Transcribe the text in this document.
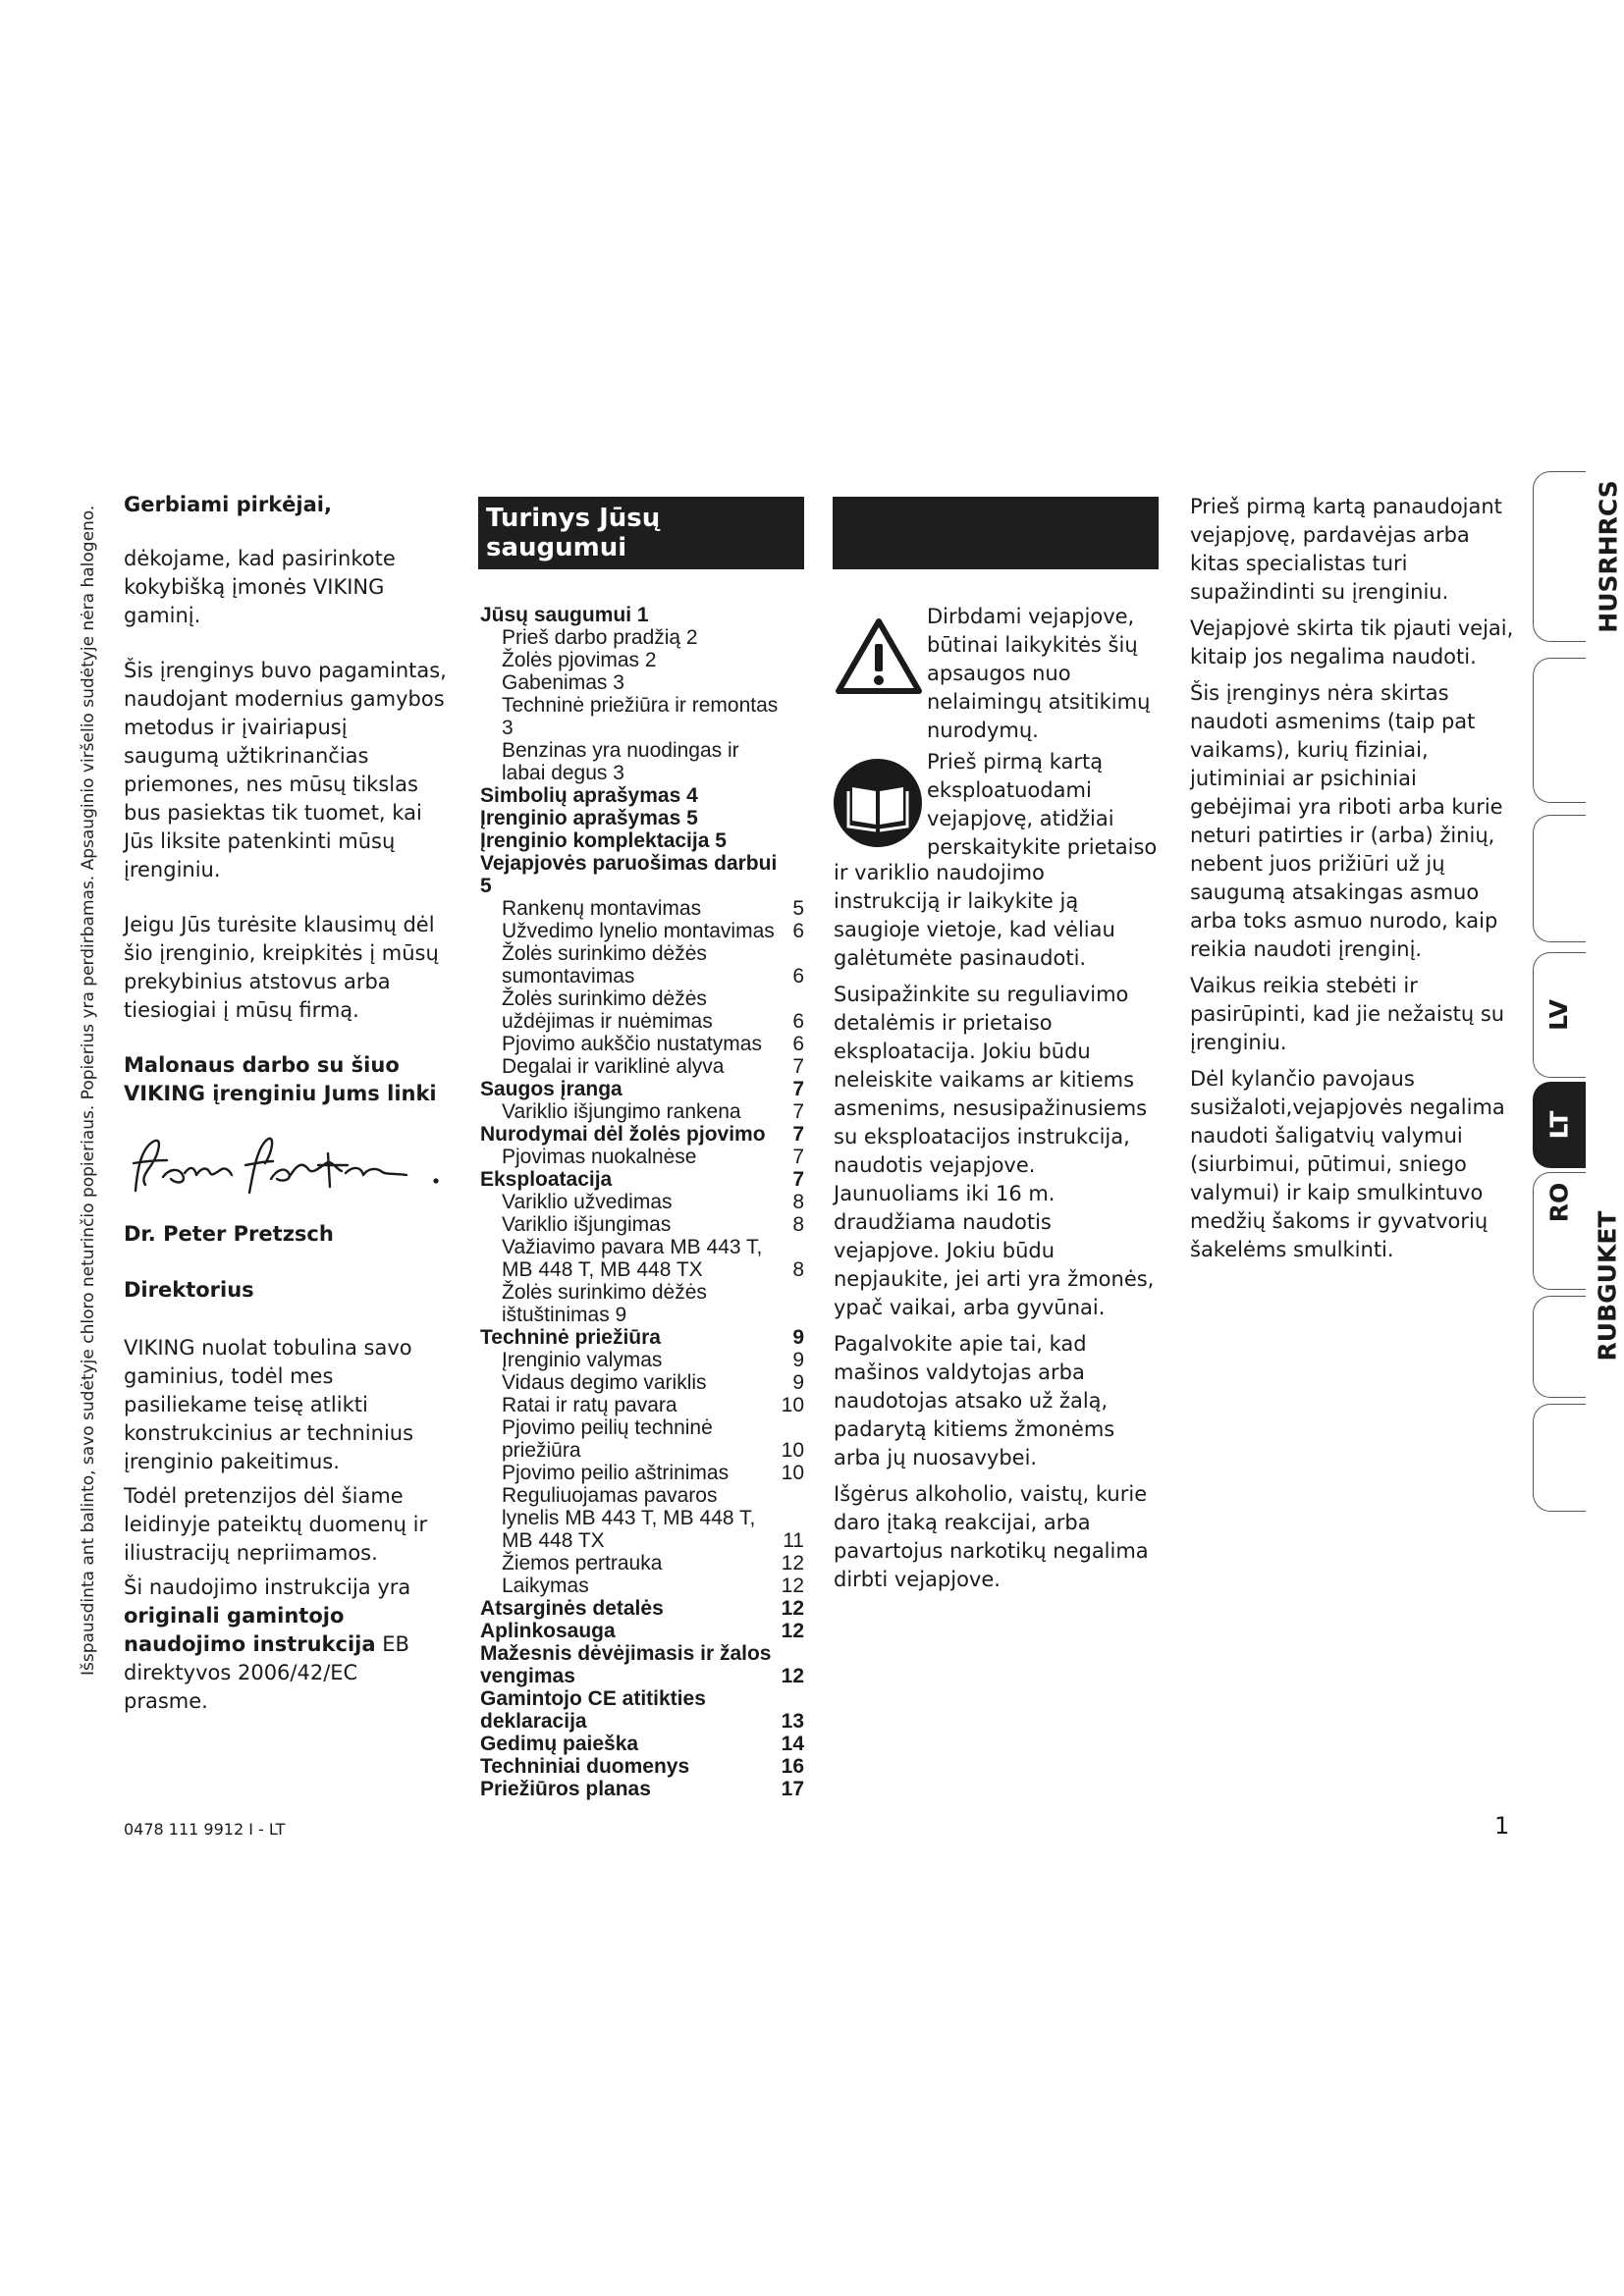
Išspausdinta ant balinto, savo sudėtyje chloro neturinčio popieriaus. Popierius yra perdirbamas. Apsauginio viršelio sudėtyje nėra halogeno.

Gerbiami pirkėjai,

dėkojame, kad pasirinkote kokybišką įmonės VIKING gaminį.

Šis įrenginys buvo pagamintas, naudojant modernius gamybos metodus ir įvairiapusį saugumą užtikrinančias priemones, nes mūsų tikslas bus pasiektas tik tuomet, kai Jūs liksite patenkinti mūsų įrenginiu.

Jeigu Jūs turėsite klausimų dėl šio įrenginio, kreipkitės į mūsų prekybinius atstovus arba tiesiogiai į mūsų firmą.

Malonaus darbo su šiuo VIKING įrenginiu Jums linki

Dr. Peter Pretzsch

Direktorius

VIKING nuolat tobulina savo gaminius, todėl mes pasiliekame teisę atlikti konstrukcinius ar techninius įrenginio pakeitimus.

Todėl pretenzijos dėl šiame leidinyje pateiktų duomenų ir iliustracijų nepriimamos.

Ši naudojimo instrukcija yra originali gamintojo naudojimo instrukcija EB direktyvos 2006/42/EC prasme.

Turinys Jūsų saugumui
Jūsų saugumui 1
Prieš darbo pradžią 2
Žolės pjovimas 2
Gabenimas 3
Techninė priežiūra ir remontas 3
Benzinas yra nuodingas ir labai degus 3
Simbolių aprašymas 4
Įrenginio aprašymas 5
Įrenginio komplektacija 5
Vejapjovės paruošimas darbui 5
Rankenų montavimas	5
Užvedimo lynelio montavimas 6
Žolės surinkimo dėžės sumontavimas	6
Žolės surinkimo dėžės uždėjimas ir nuėmimas	6
Pjovimo aukščio nustatymas	6
Degalai ir variklinė alyva	7
Saugos įranga	7
Variklio išjungimo rankena	7
Nurodymai dėl žolės pjovimo	7
Pjovimas nuokalnėse	7
Eksploatacija	7
Variklio užvedimas	8
Variklio išjungimas	8
Važiavimo pavara MB 443 T, MB 448 T, MB 448 TX	8
Žolės surinkimo dėžės ištuštinimas 9
Techninė priežiūra	9
Įrenginio valymas	9
Vidaus degimo variklis	9
Ratai ir ratų pavara	10
Pjovimo peilių techninė priežiūra	10
Pjovimo peilio aštrinimas	10
Reguliuojamas pavaros lynelis MB 443 T, MB 448 T, MB 448 TX	11
Žiemos pertrauka	12
Laikymas	12
Atsarginės detalės	12
Aplinkosauga	12
Mažesnis dėvėjimasis ir žalos vengimas	12
Gamintojo CE atitikties deklaracija	13
Gedimų paieška	14
Techniniai duomenys	16
Priežiūros planas	17

Dirbdami vejapjove, būtinai laikykitės šių apsaugos nuo nelaimingų atsitikimų nurodymų.

Prieš pirmą kartą eksploatuodami vejapjovę, atidžiai perskaitykite prietaiso

ir variklio naudojimo instrukciją ir laikykite ją saugioje vietoje, kad vėliau galėtumėte pasinaudoti.

Susipažinkite su reguliavimo detalėmis ir prietaiso eksploatacija. Jokiu būdu neleiskite vaikams ar kitiems asmenims, nesusipažinusiems su eksploatacijos instrukcija, naudotis vejapjove. Jaunuoliams iki 16 m. draudžiama naudotis vejapjove. Jokiu būdu nepjaukite, jei arti yra žmonės, ypač vaikai, arba gyvūnai.

Pagalvokite apie tai, kad mašinos valdytojas arba naudotojas atsako už žalą, padarytą kitiems žmonėms arba jų nuosavybei.

Išgėrus alkoholio, vaistų, kurie daro įtaką reakcijai, arba pavartojus narkotikų negalima dirbti vejapjove.

Prieš pirmą kartą panaudojant vejapjovę, pardavėjas arba kitas specialistas turi supažindinti su įrenginiu.

Vejapjovė skirta tik pjauti vejai, kitaip jos negalima naudoti.

Šis įrenginys nėra skirtas naudoti asmenims (taip pat vaikams), kurių fiziniai, jutiminiai ar psichiniai gebėjimai yra riboti arba kurie neturi patirties ir (arba) žinių, nebent juos prižiūri už jų saugumą atsakingas asmuo arba toks asmuo nurodo, kaip reikia naudoti įrenginį.

Vaikus reikia stebėti ir pasirūpinti, kad jie nežaistų su įrenginiu.

Dėl kylančio pavojaus susižaloti,vejapjovės negalima naudoti šaligatvių valymui (siurbimui, pūtimui, sniego valymui) ir kaip smulkintuvo medžių šakoms ir gyvatvorių šakelėms smulkinti.

HUSRHRCS
LV
LT
RO
RUBGUKET
0478 111 9912 I - LT	1
